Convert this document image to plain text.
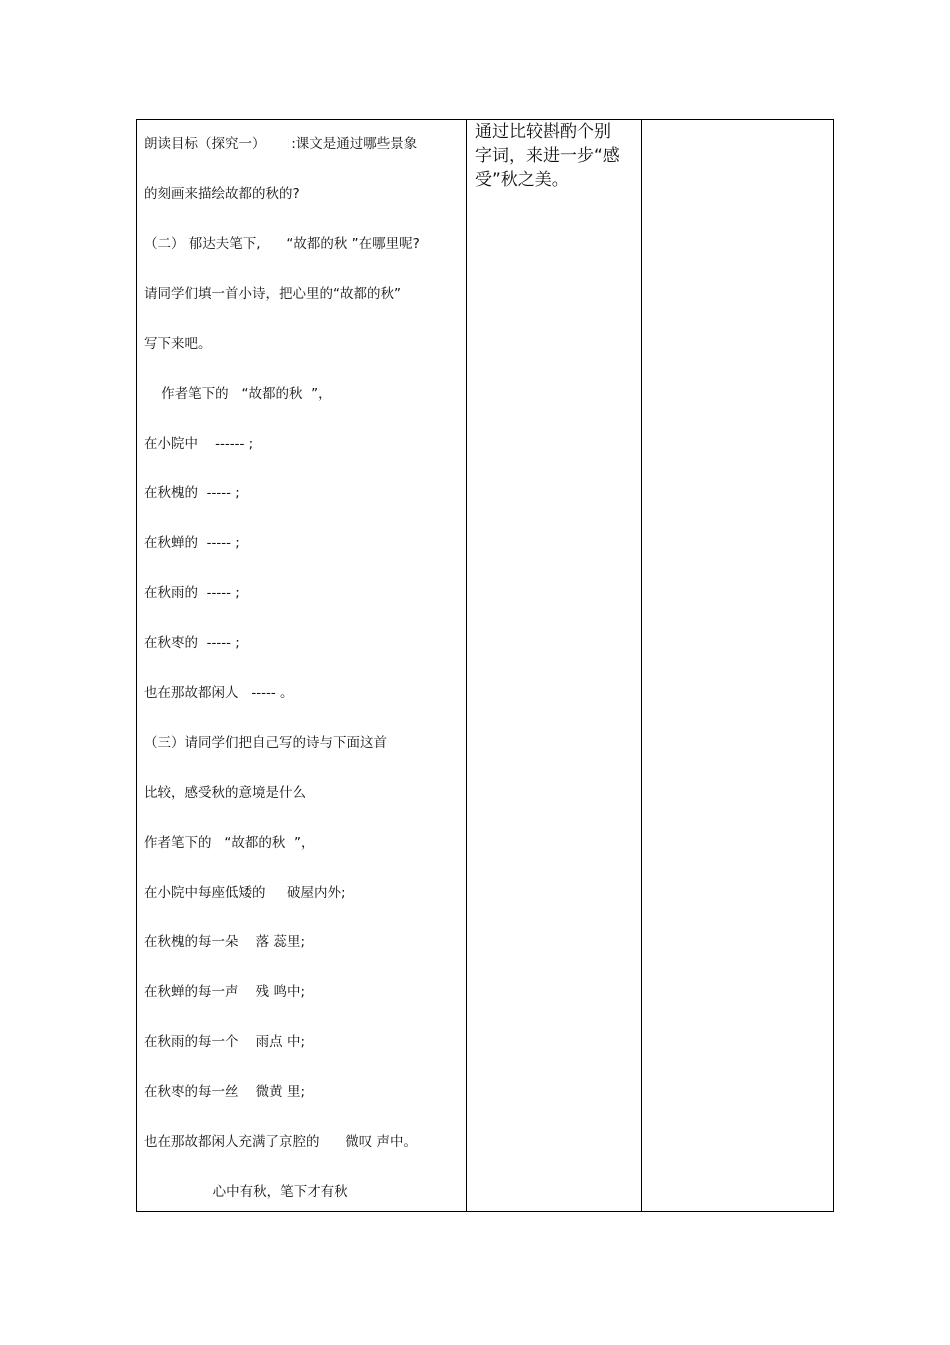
朗读目标（探究一）      :课文是通过哪些景象
的刻画来描绘故都的秋的?
（二） 郁达夫笔下,      “故都的秋 ”在哪里呢?
请同学们填一首小诗，把心里的“故都的秋”
写下来吧。
作者笔下的   “故都的秋  ”，
在小院中    ------ ;
在秋槐的  ----- ;
在秋蝉的  ----- ;
在秋雨的  ----- ;
在秋枣的  ----- ;
也在那故都闲人   ----- 。
（三）请同学们把自己写的诗与下面这首
比较，感受秋的意境是什么
作者笔下的   “故都的秋  ”，
在小院中每座低矮的     破屋内外;
在秋槐的每一朵    落 蕊里;
在秋蝉的每一声    残 鸣中;
在秋雨的每一个    雨点 中;
在秋枣的每一丝    微黄 里;
也在那故都闲人充满了京腔的      微叹 声中。
心中有秋，笔下才有秋
通过比较斟酌个别
字词，来进一步“感
受”秋之美。
